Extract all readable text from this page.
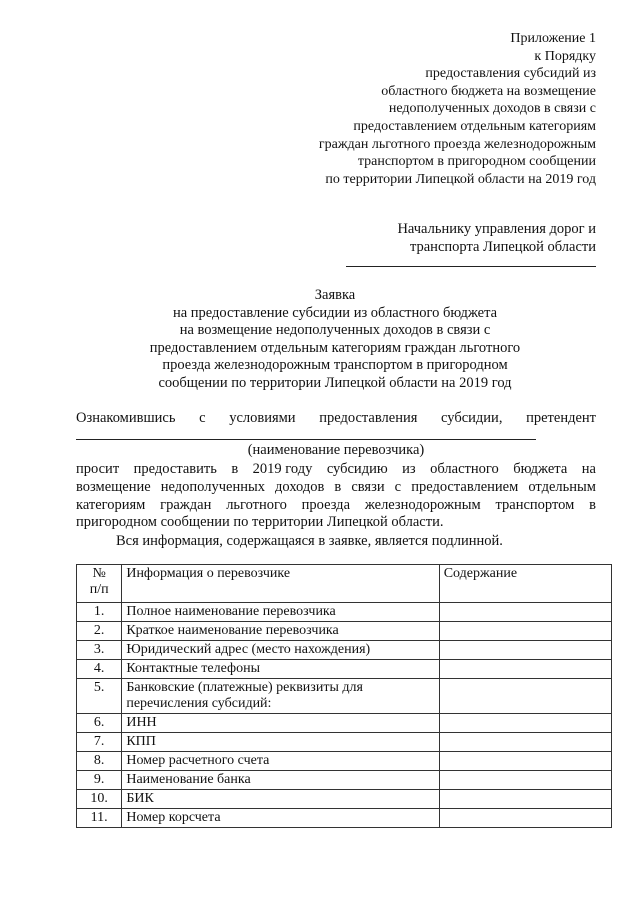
Приложение 1
к Порядку
предоставления субсидий из
областного бюджета на возмещение
недополученных доходов в связи с
предоставлением отдельным категориям
граждан льготного проезда железнодорожным
транспортом в пригородном сообщении
по территории Липецкой области на 2019 год
Начальнику управления дорог и
транспорта Липецкой области
Заявка
на предоставление субсидии из областного бюджета
на возмещение недополученных доходов в связи с
предоставлением отдельным категориям граждан льготного
проезда железнодорожным транспортом в пригородном
сообщении по территории Липецкой области на 2019 год
Ознакомившись с условиями предоставления субсидии, претендент
(наименование перевозчика)
просит предоставить в 2019 году субсидию из областного бюджета на
возмещение недополученных доходов в связи с предоставлением отдельным
категориям граждан льготного проезда железнодорожным транспортом в
пригородном сообщении по территории Липецкой области.
Вся информация, содержащаяся в заявке, является подлинной.
№
п/п	Информация о перевозчике	Содержание
1.	Полное наименование перевозчика	
2.	Краткое наименование перевозчика	
3.	Юридический адрес (место нахождения)	
4.	Контактные телефоны	
5.	Банковские (платежные) реквизиты для
перечисления субсидий:	

6.	ИНН	
7.	КПП	
8.	Номер расчетного счета	
9.	Наименование банка	
10.	БИК	
11.	Номер корсчета	
